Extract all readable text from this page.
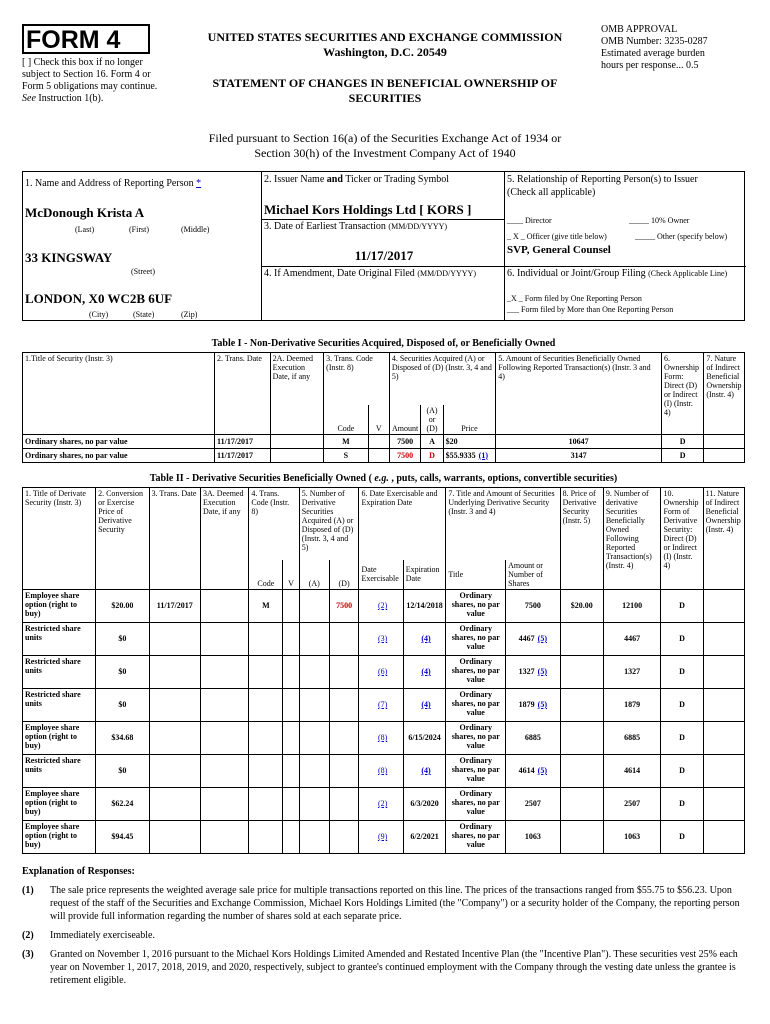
FORM 4
[ ] Check this box if no longer subject to Section 16. Form 4 or Form 5 obligations may continue. See Instruction 1(b).
UNITED STATES SECURITIES AND EXCHANGE COMMISSION
Washington, D.C. 20549
STATEMENT OF CHANGES IN BENEFICIAL OWNERSHIP OF SECURITIES
OMB APPROVAL
OMB Number: 3235-0287
Estimated average burden
hours per response... 0.5
Filed pursuant to Section 16(a) of the Securities Exchange Act of 1934 or
Section 30(h) of the Investment Company Act of 1940
1. Name and Address of Reporting Person *
McDonough Krista A
(Last)	(First)	(Middle)
33 KINGSWAY
(Street)
LONDON, X0 WC2B 6UF
(City)	(State)	(Zip)
2. Issuer Name and Ticker or Trading Symbol
Michael Kors Holdings Ltd [ KORS ]
3. Date of Earliest Transaction (MM/DD/YYYY)
11/17/2017
4. If Amendment, Date Original Filed (MM/DD/YYYY)
5. Relationship of Reporting Person(s) to Issuer
(Check all applicable)
____ Director	_____ 10% Owner
_ X _ Officer (give title below)	_____ Other (specify below)
SVP, General Counsel
6. Individual or Joint/Group Filing (Check Applicable Line)
_X _ Form filed by One Reporting Person
___ Form filed by More than One Reporting Person
Table I - Non-Derivative Securities Acquired, Disposed of, or Beneficially Owned
1.Title of Security (Instr. 3)	2. Trans. Date	2A. Deemed Execution Date, if any	3. Trans. Code (Instr. 8)		4. Securities Acquired (A) or Disposed of (D) (Instr. 3, 4 and 5)			5. Amount of Securities Beneficially Owned Following Reported Transaction(s) (Instr. 3 and 4)	6. Ownership Form: Direct (D) or Indirect (I) (Instr. 4)	7. Nature of Indirect Beneficial Ownership (Instr. 4)
			Code	V	Amount	(A) or (D)	Price			
Ordinary shares, no par value	11/17/2017		M		7500	A	$20	10647	D	
Ordinary shares, no par value	11/17/2017		S		7500	D	$55.9335 (1)	3147	D	
Table II - Derivative Securities Beneficially Owned ( e.g. , puts, calls, warrants, options, convertible securities)
1. Title of Derivate Security (Instr. 3)	2. Conversion or Exercise Price of Derivative Security	3. Trans. Date	3A. Deemed Execution Date, if any	4. Trans. Code (Instr. 8)		5. Number of Derivative Securities Acquired (A) or Disposed of (D) (Instr. 3, 4 and 5)		6. Date Exercisable and Expiration Date		7. Title and Amount of Securities Underlying Derivative Security (Instr. 3 and 4)		8. Price of Derivative Security (Instr. 5)	9. Number of derivative Securities Beneficially Owned Following Reported Transaction(s) (Instr. 4)	10. Ownership Form of Derivative Security: Direct (D) or Indirect (I) (Instr. 4)	11. Nature of Indirect Beneficial Ownership (Instr. 4)
				Code	V	(A)	(D)	Date Exercisable	Expiration Date	Title	Amount or Number of Shares				
Employee share option (right to buy)	$20.00	11/17/2017		M			7500	(2)	12/14/2018	Ordinary shares, no par value	7500	$20.00	12100	D	
Restricted share units	$0							(3)	(4)	Ordinary shares, no par value	4467 (5)		4467	D	
Restricted share units	$0							(6)	(4)	Ordinary shares, no par value	1327 (5)		1327	D	
Restricted share units	$0							(7)	(4)	Ordinary shares, no par value	1879 (5)		1879	D	
Employee share option (right to buy)	$34.68							(8)	6/15/2024	Ordinary shares, no par value	6885		6885	D	
Restricted share units	$0							(8)	(4)	Ordinary shares, no par value	4614 (5)		4614	D	
Employee share option (right to buy)	$62.24							(2)	6/3/2020	Ordinary shares, no par value	2507		2507	D	
Employee share option (right to buy)	$94.45							(9)	6/2/2021	Ordinary shares, no par value	1063		1063	D	
Explanation of Responses:
(1)	The sale price represents the weighted average sale price for multiple transactions reported on this line. The prices of the transactions ranged from $55.75 to $56.23. Upon request of the staff of the Securities and Exchange Commission, Michael Kors Holdings Limited (the "Company") or a security holder of the Company, the reporting person will provide full information regarding the number of shares sold at each separate price.
(2)	Immediately exerciseable.
(3)	Granted on November 1, 2016 pursuant to the Michael Kors Holdings Limited Amended and Restated Incentive Plan (the "Incentive Plan"). These securities vest 25% each year on November 1, 2017, 2018, 2019, and 2020, respectively, subject to grantee's continued employment with the Company through the vesting date unless the grantee is retirement eligible.
